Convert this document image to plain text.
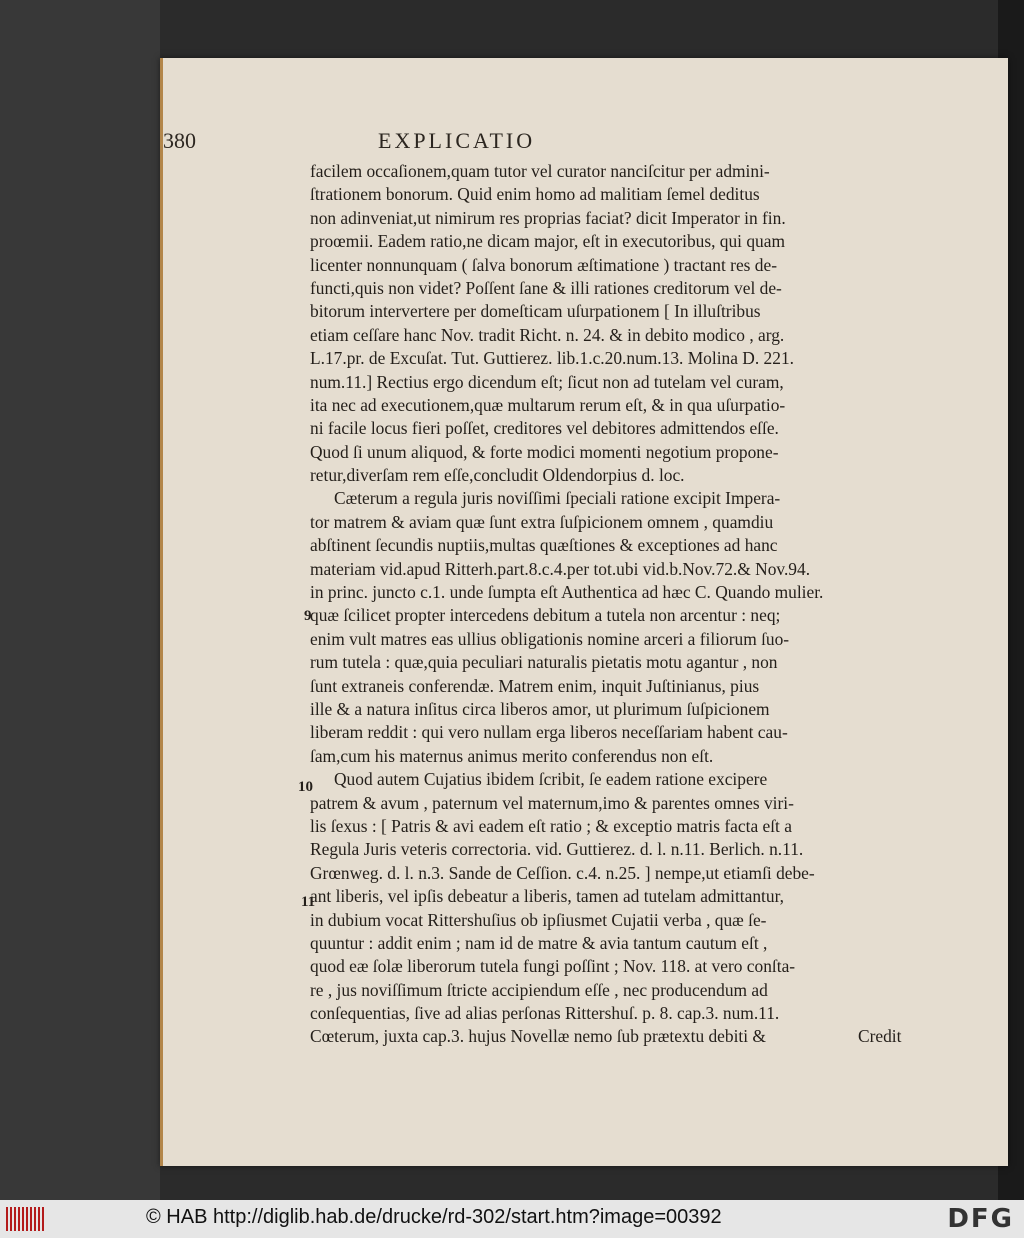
380	EXPLICATIO
facilem occaſionem,quam tutor vel curator nanciſcitur per admini-
ſtrationem bonorum. Quid enim homo ad malitiam ſemel deditus
non adinveniat,ut nimirum res proprias faciat? dicit Imperator in fin.
proœmii. Eadem ratio,ne dicam major, eſt in executoribus, qui quam
licenter nonnunquam ( ſalva bonorum æſtimatione ) tractant res de-
functi,quis non videt? Poſſent ſane & illi rationes creditorum vel de-
bitorum intervertere per domeſticam uſurpationem [ In illuſtribus
etiam ceſſare hanc Nov. tradit Richt. n. 24. & in debito modico , arg.
L.17.pr. de Excuſat. Tut. Guttierez. lib.1.c.20.num.13. Molina D. 221.
num.11.] Rectius ergo dicendum eſt; ſicut non ad tutelam vel curam,
ita nec ad executionem,quæ multarum rerum eſt, & in qua uſurpatio-
ni facile locus fieri poſſet, creditores vel debitores admittendos eſſe.
Quod ſi unum aliquod, & forte modici momenti negotium propone-
retur,diverſam rem eſſe,concludit Oldendorpius d. loc.
Cæterum a regula juris noviſſimi ſpeciali ratione excipit Impera-
tor matrem & aviam quæ ſunt extra ſuſpicionem omnem , quamdiu
abſtinent ſecundis nuptiis,multas quæſtiones & exceptiones ad hanc
materiam vid.apud Ritterh.part.8.c.4.per tot.ubi vid.b.Nov.72.& Nov.94.
in princ. juncto c.1. unde ſumpta eſt Authentica ad hæc C. Quando mulier.
quæ ſcilicet propter intercedens debitum a tutela non arcentur : neq;
enim vult matres eas ullius obligationis nomine arceri a filiorum ſuo-
rum tutela : quæ,quia peculiari naturalis pietatis motu agantur , non
ſunt extraneis conferendæ. Matrem enim, inquit Juſtinianus, pius
ille & a natura inſitus circa liberos amor, ut plurimum ſuſpicionem
liberam reddit : qui vero nullam erga liberos neceſſariam habent cau-
ſam,cum his maternus animus merito conferendus non eſt.
Quod autem Cujatius ibidem ſcribit, ſe eadem ratione excipere
patrem & avum , paternum vel maternum,imo & parentes omnes viri-
lis ſexus : [ Patris & avi eadem eſt ratio ; & exceptio matris facta eſt a
Regula Juris veteris correctoria. vid. Guttierez. d. l. n.11. Berlich. n.11.
Grœnweg. d. l. n.3. Sande de Ceſſion. c.4. n.25. ] nempe,ut etiamſi debe-
ant liberis, vel ipſis debeatur a liberis, tamen ad tutelam admittantur,
in dubium vocat Rittershuſius ob ipſiusmet Cujatii verba , quæ ſe-
quuntur : addit enim ; nam id de matre & avia tantum cautum eſt ,
quod eæ ſolæ liberorum tutela fungi poſſint ; Nov. 118. at vero conſta-
re , jus noviſſimum ſtricte accipiendum eſſe , nec producendum ad
conſequentias, ſive ad alias perſonas Rittershuſ. p. 8. cap.3. num.11.
Cœterum, juxta cap.3. hujus Novellæ nemo ſub prætextu debiti &
9
10
11
Credit
© HAB http://diglib.hab.de/drucke/rd-302/start.htm?image=00392	DFG
